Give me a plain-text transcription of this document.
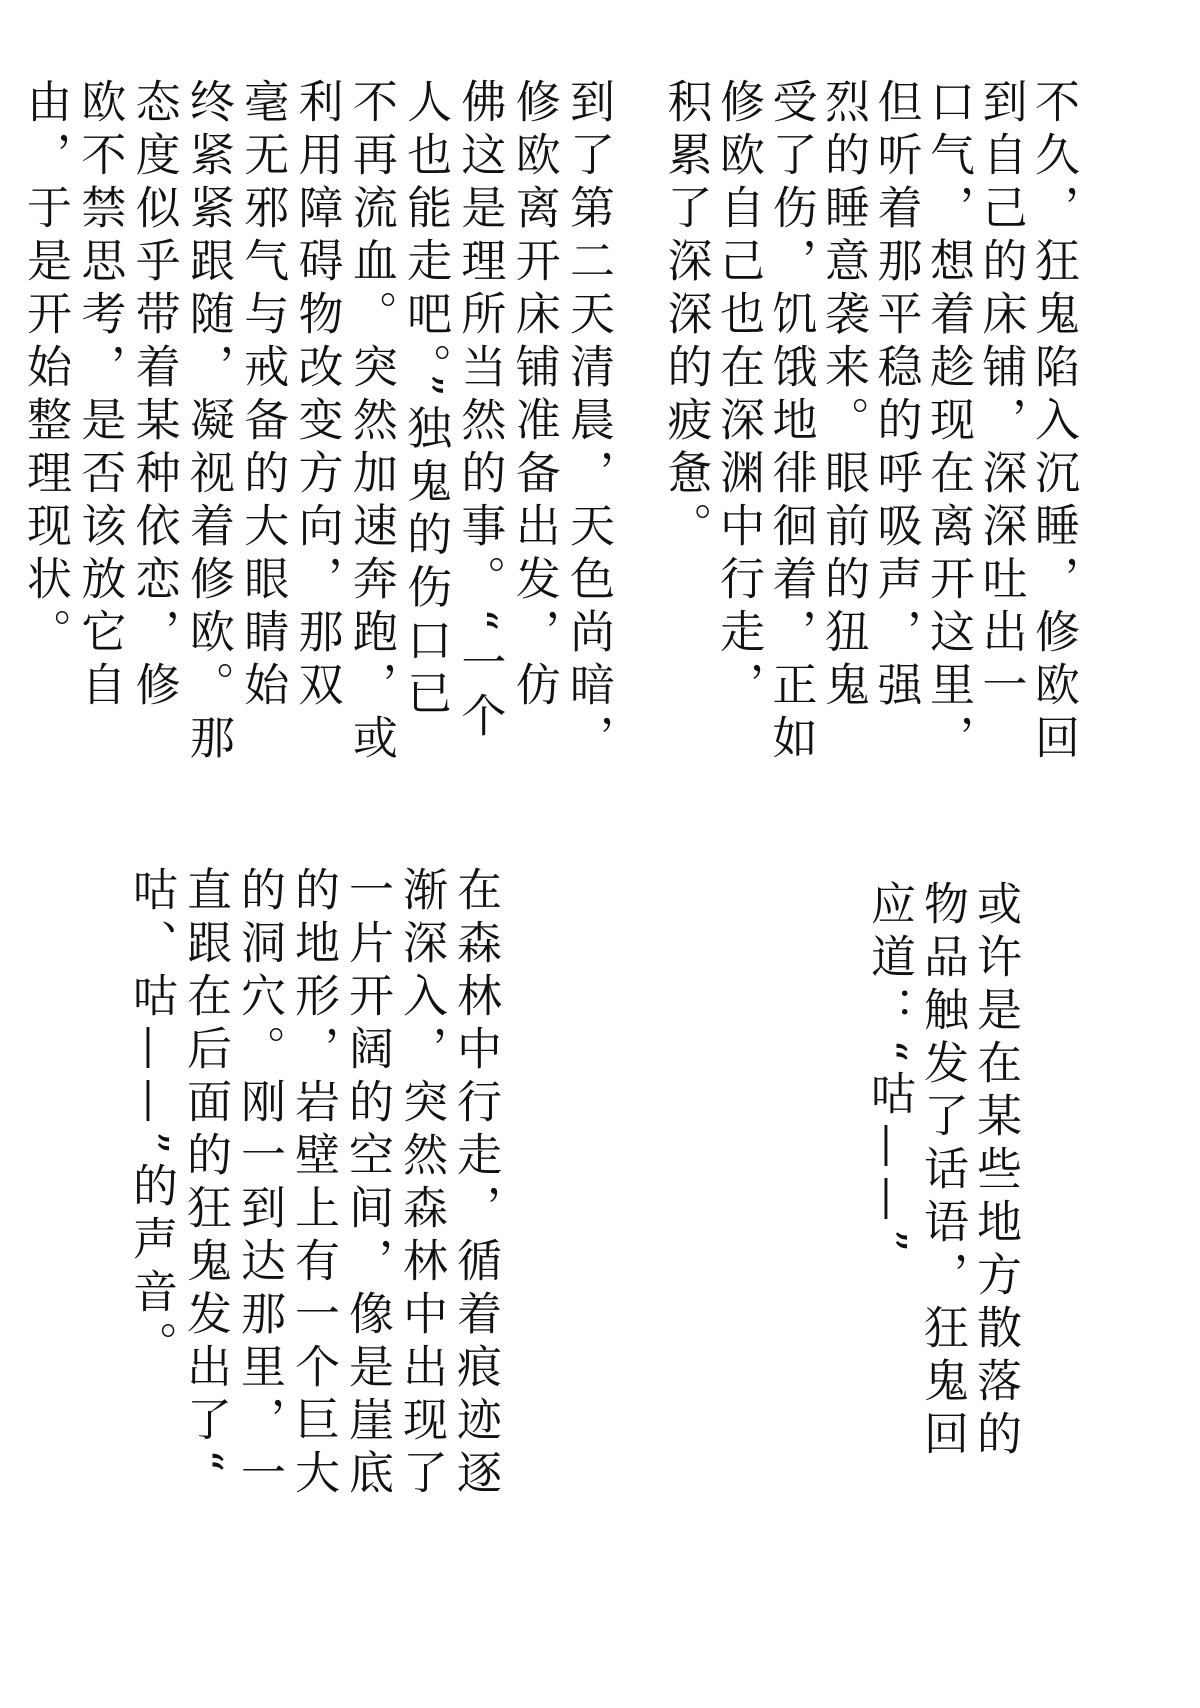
不久，狂鬼陷入沉睡，修欧回

到自己的床铺，深深吐出一

口气，想着趁现在离开这里，

但听着那平稳的呼吸声，强

烈的睡意袭来。眼前的狃鬼

受了伤，饥饿地徘徊着，正如

修欧自己也在深渊中行走，

积累了深深的疲惫。

到了第二天清晨，天色尚暗，

修欧离开床铺准备出发，仿

佛这是理所当然的事。“一个

人也能走吧。”独鬼的伤口已

不再流血。突然加速奔跑，或

利用障碍物改变方向，那双

毫无邪气与戒备的大眼睛始

终紧紧跟随，凝视着修欧。那

态度似乎带着某种依恋，修

欧不禁思考，是否该放它自

由，于是开始整理现状。

或许是在某些地方散落的

物品触发了话语，狂鬼回

应道：“咕——”

在森林中行走，循着痕迹逐

渐深入，突然森林中出现了

一片开阔的空间，像是崖底

的地形，岩壁上有一个巨大

的洞穴。刚一到达那里，一

直跟在后面的狂鬼发出了“

咕、咕——”的声音。
